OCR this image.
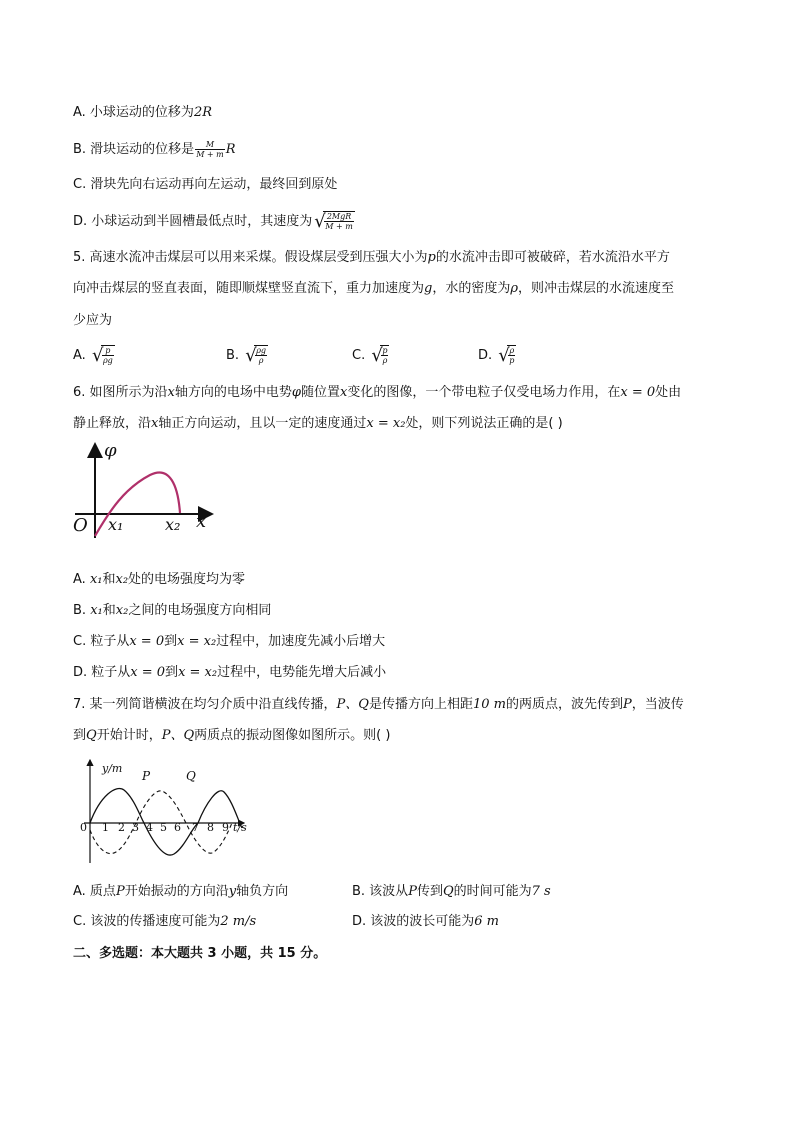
A. 小球运动的位移为2R
B. 滑块运动的位移是 $\frac{M}{M + m}$ R
C. 滑块先向右运动再向左运动，最终回到原处
D. 小球运动到半圆槽最低点时，其速度为 √
$\frac{\text{2MgR}}{M + m}$
5. 高速水流冲击煤层可以用来采煤。假设煤层受到压强大小为p的水流冲击即可被破碎，若水流沿水平方
向冲击煤层的竖直表面，随即顺煤壁竖直流下，重力加速度为g，水的密度为ρ，则冲击煤层的水流速度至
少应为
A. √
$\frac{p}{\rho g}$	B. √
$\frac{\rho g}{\rho}$	C. √
$\frac{p}{\rho}$	D. √
$\frac{\rho}{p}$
6. 如图所示为沿x轴方向的电场中电势φ随位置x变化的图像，一个带电粒子仅受电场力作用，在x = 0处由
静止释放，沿x轴正方向运动，且以一定的速度通过x = x₂处，则下列说法正确的是( )
φ
x
O x₁	x₂
A. x₁和x₂处的电场强度均为零
B. x₁和x₂之间的电场强度方向相同
C. 粒子从x = 0到x = x₂过程中，加速度先减小后增大
D. 粒子从x = 0到x = x₂过程中，电势能先增大后减小
7. 某一列简谐横波在均匀介质中沿直线传播，P、Q是传播方向上相距10 m的两质点，波先传到P，当波传
到Q开始计时，P、Q两质点的振动图像如图所示。则( )
y/m
t/s
P	Q
0 1 2 3 4 5 6 7 8 9
A. 质点P开始振动的方向沿y轴负方向	B. 该波从P传到Q的时间可能为7 s
C. 该波的传播速度可能为2 m/s	D. 该波的波长可能为6 m
二、多选题：本大题共 3 小题，共 15 分。
